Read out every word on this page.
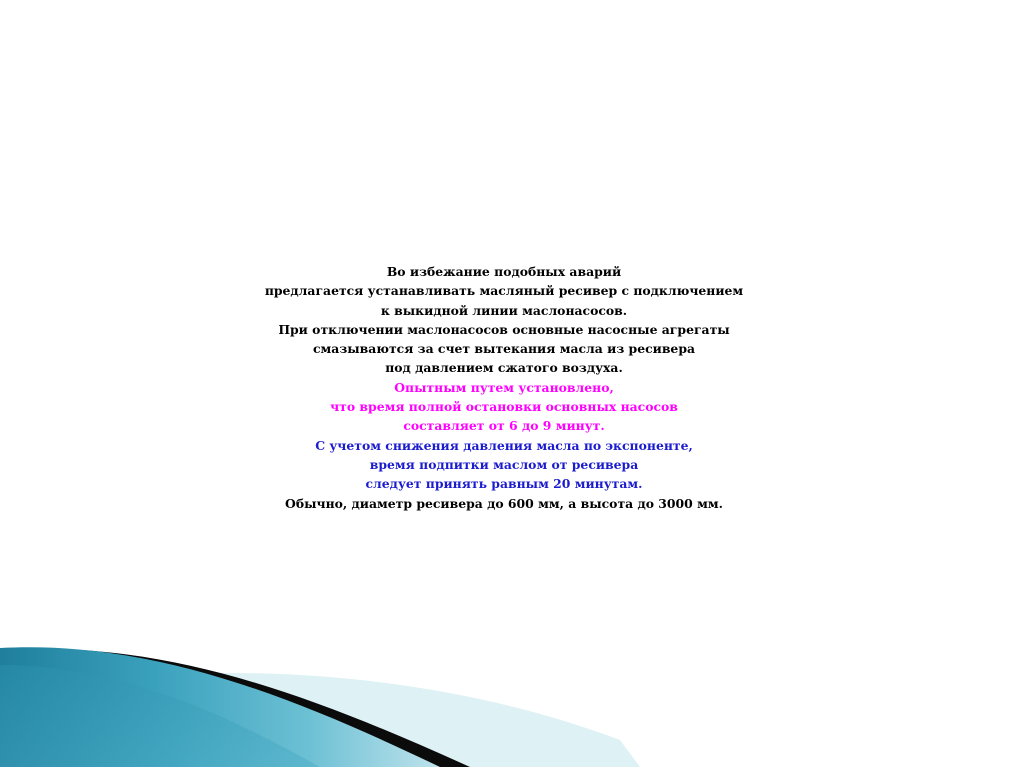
Во избежание подобных аварий
предлагается устанавливать масляный ресивер с подключением
к выкидной линии маслонасосов.
При отключении маслонасосов основные насосные агрегаты
смазываются за счет вытекания масла из ресивера
под давлением сжатого воздуха.
Опытным путем установлено,
что время полной остановки основных насосов
составляет от 6 до 9 минут.
С учетом снижения давления масла по экспоненте,
время подпитки маслом от ресивера
следует принять равным 20 минутам.
Обычно, диаметр ресивера до 600 мм, а высота до 3000 мм.
